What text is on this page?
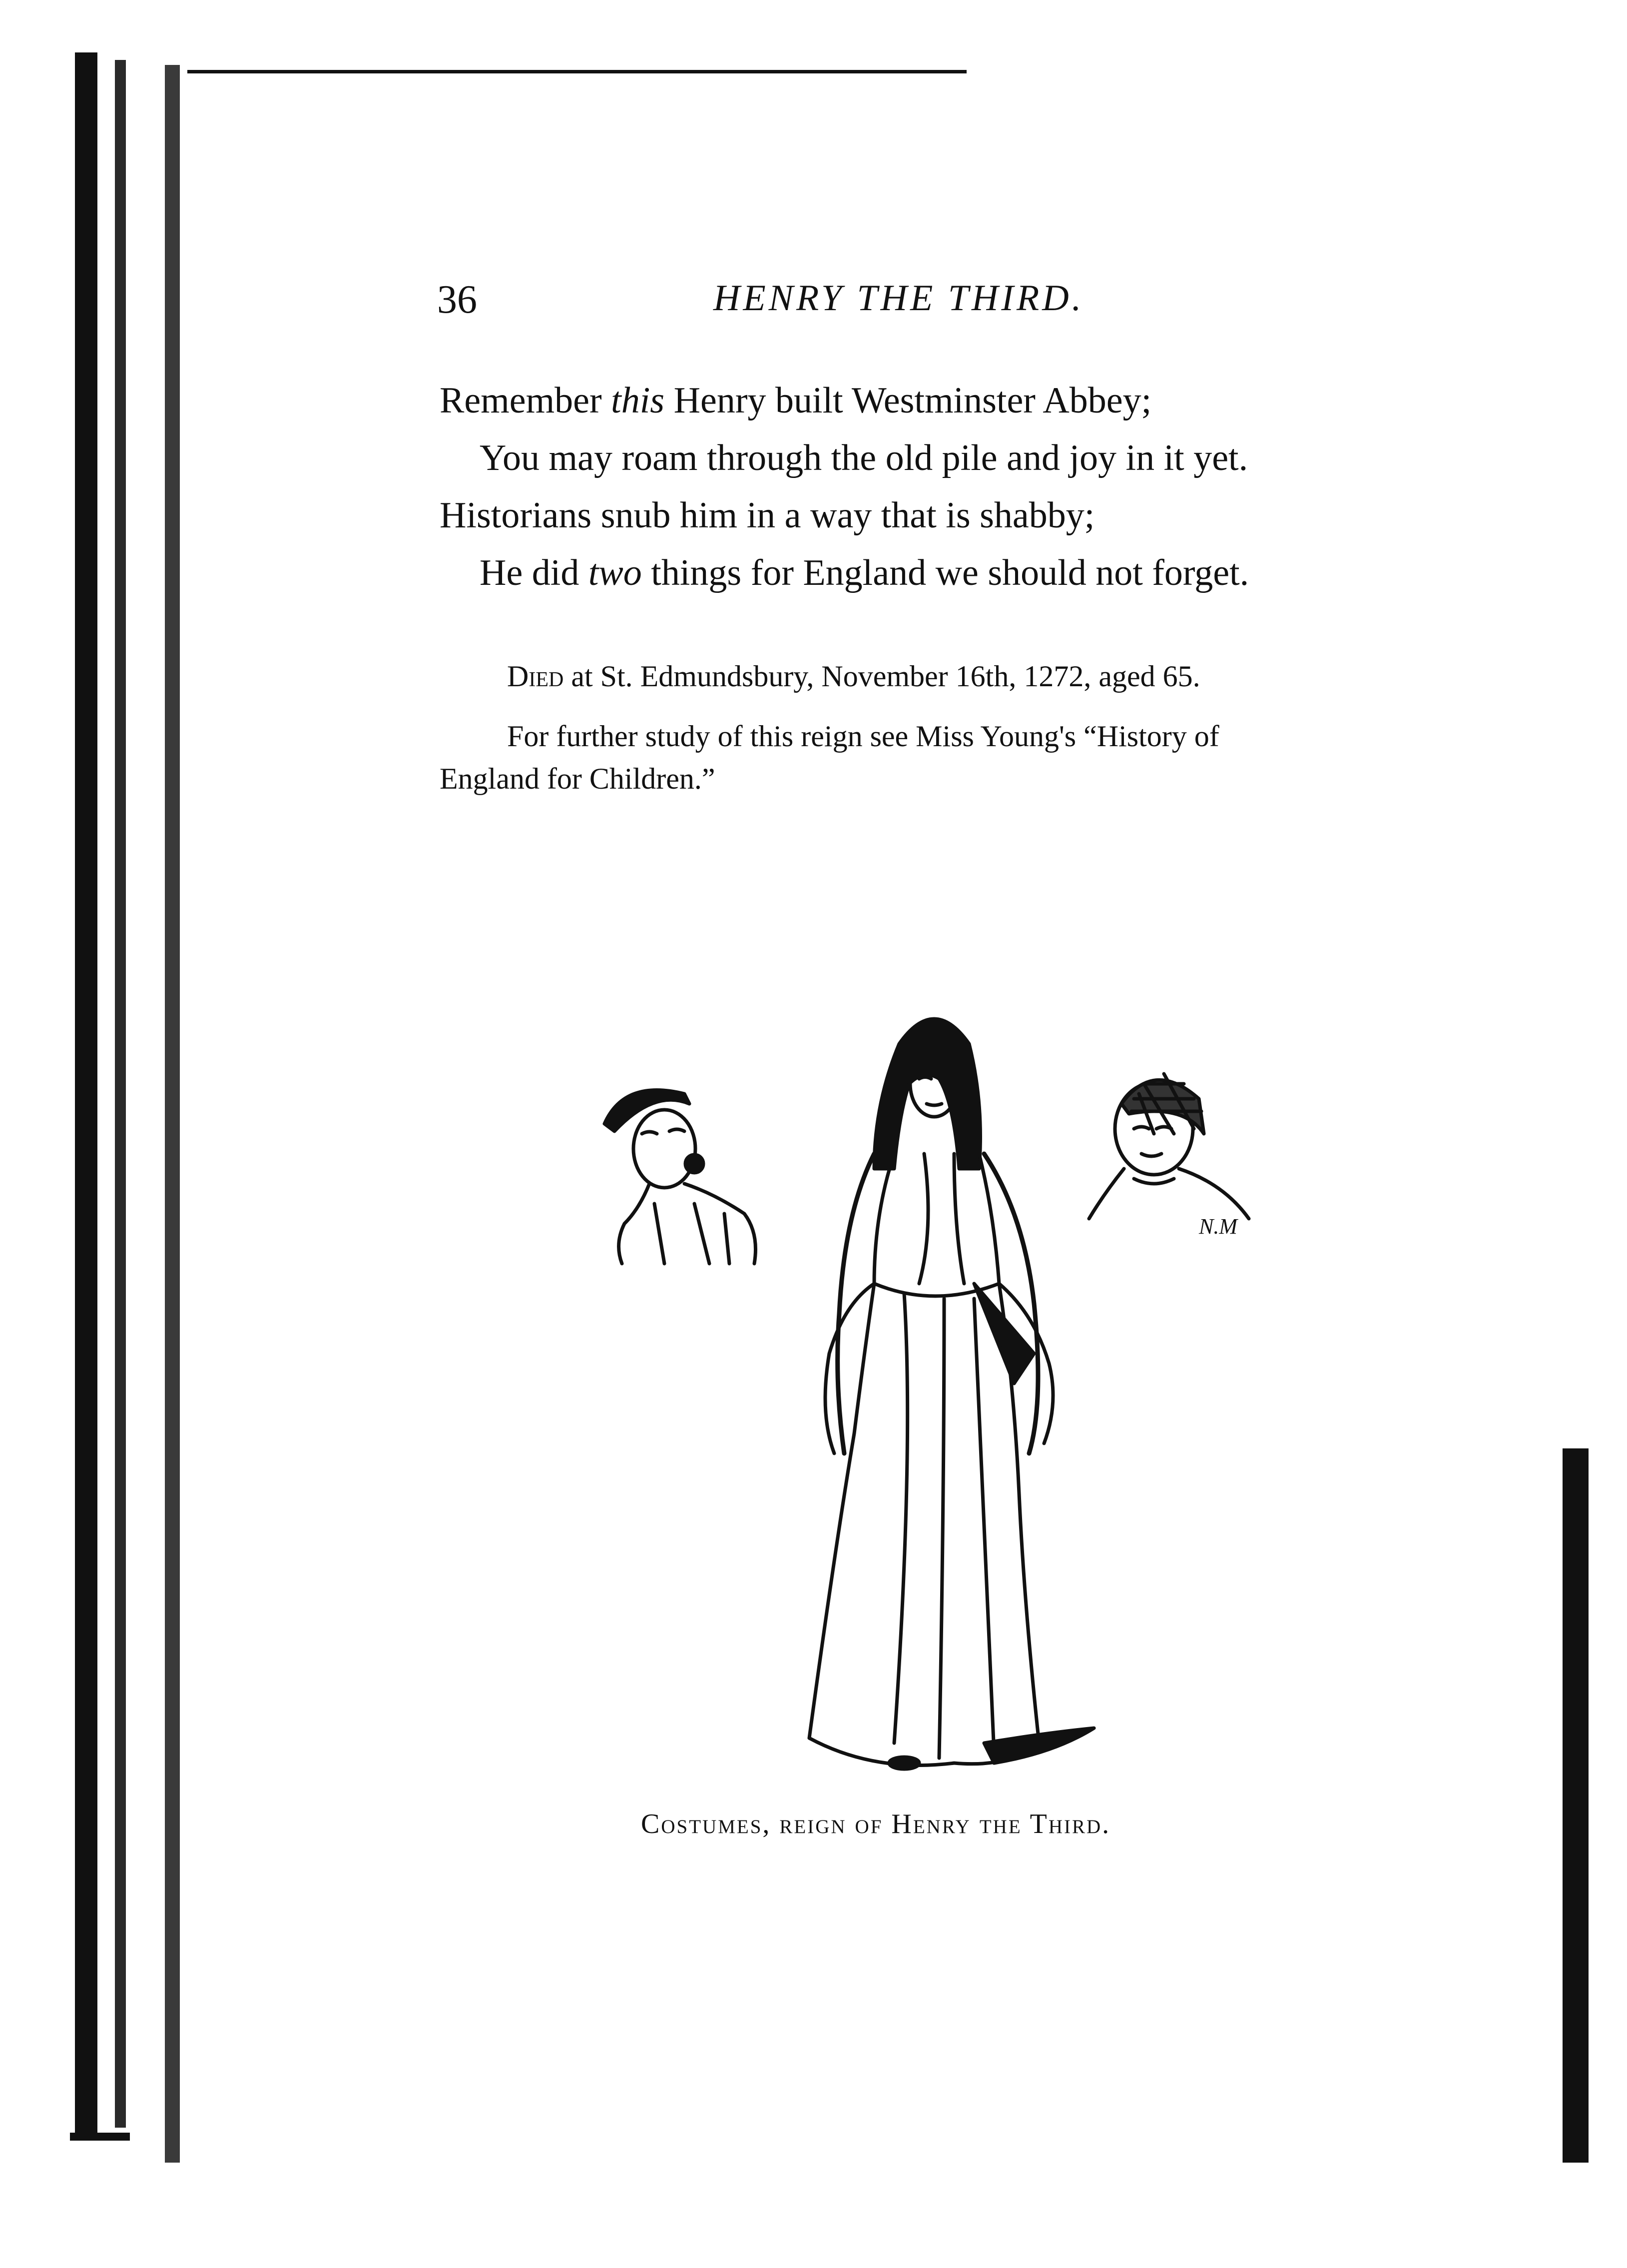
36	HENRY THE THIRD.
Remember this Henry built Westminster Abbey;
You may roam through the old pile and joy in it yet.
Historians snub him in a way that is shabby;
He did two things for England we should not forget.
Died at St. Edmundsbury, November 16th, 1272, aged 65.
For further study of this reign see Miss Young's “History of
England for Children.”
N.M
Costumes, reign of Henry the Third.
